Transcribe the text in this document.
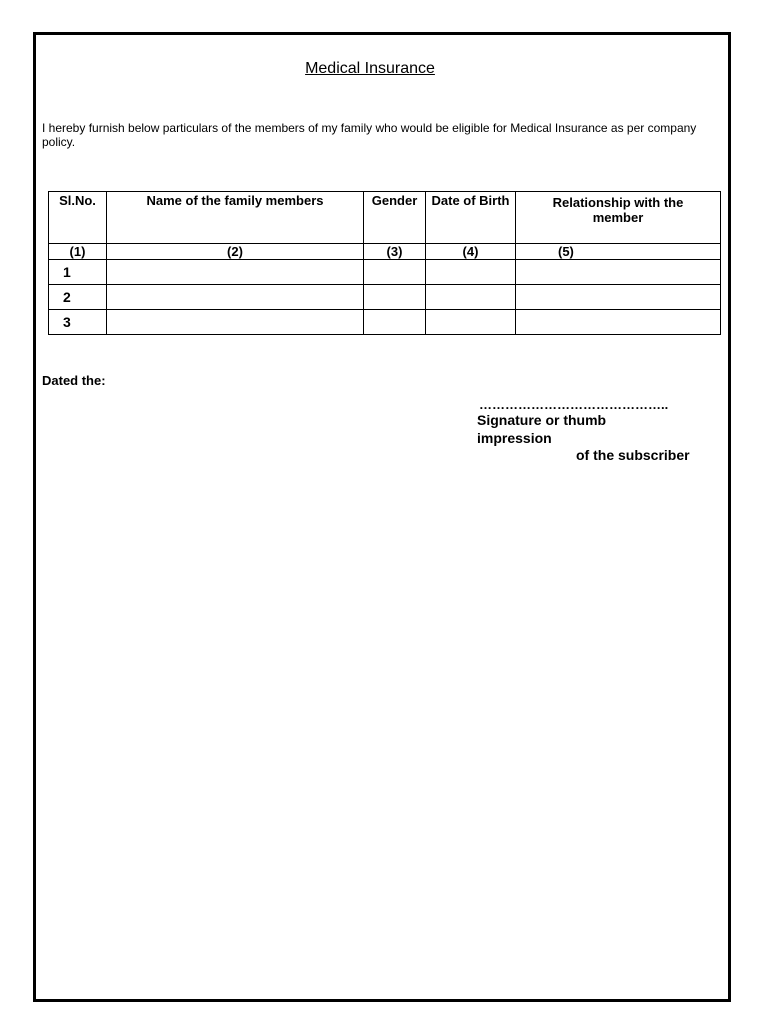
Medical Insurance
I hereby furnish below particulars of the members of my family who would be eligible for Medical Insurance as per company policy.
Sl.No.	Name of the family members	Gender	Date of Birth	Relationship with the member
(1)	(2)	(3)	(4)	(5)
1				
2				
3				
Dated the:
……………………………………..
Signature or thumb
impression
of the subscriber
